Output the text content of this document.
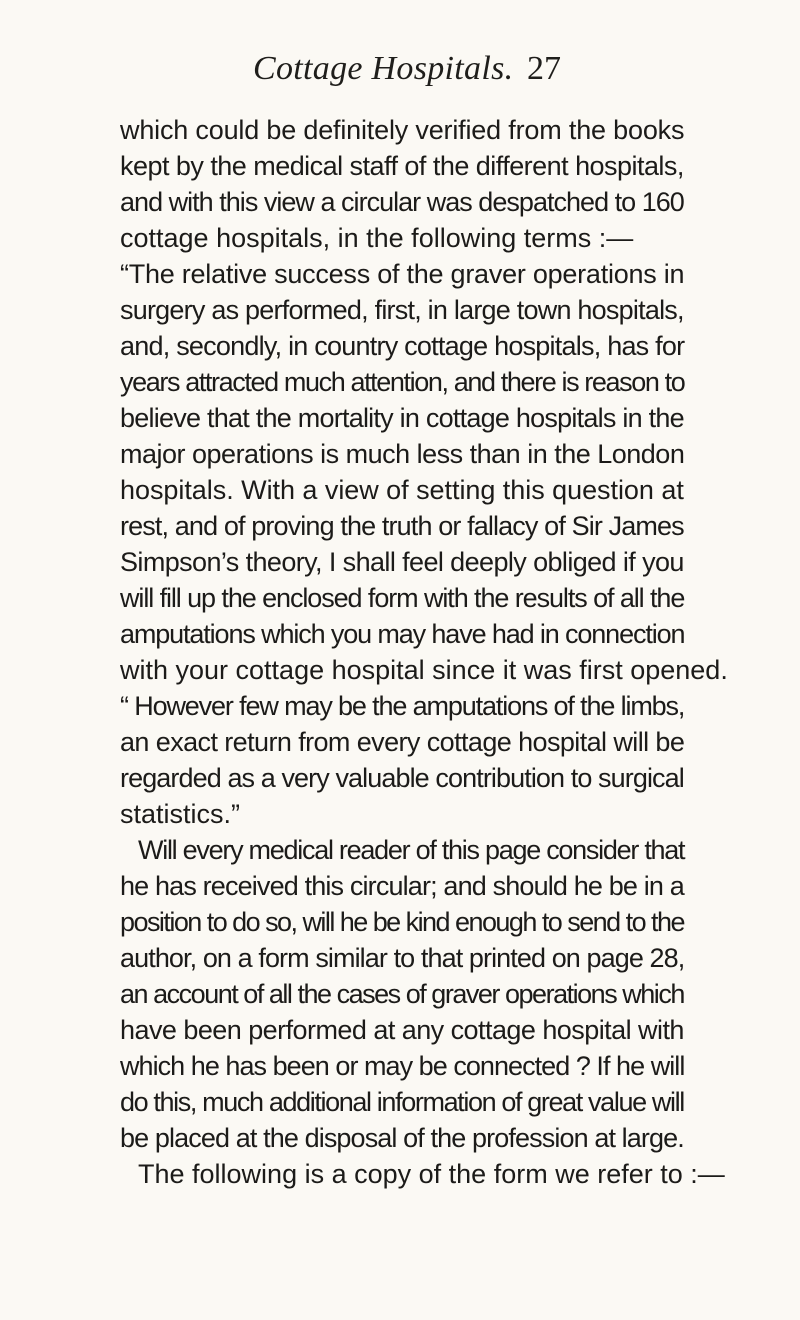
Cottage Hospitals. 27
which could be definitely verified from the books
kept by the medical staff of the different hospitals,
and with this view a circular was despatched to 160
cottage hospitals, in the following terms :—
“The relative success of the graver operations in
surgery as performed, first, in large town hospitals,
and, secondly, in country cottage hospitals, has for
years attracted much attention, and there is reason to
believe that the mortality in cottage hospitals in the
major operations is much less than in the London
hospitals. With a view of setting this question at
rest, and of proving the truth or fallacy of Sir James
Simpson’s theory, I shall feel deeply obliged if you
will fill up the enclosed form with the results of all the
amputations which you may have had in connection
with your cottage hospital since it was first opened.
“ However few may be the amputations of the limbs,
an exact return from every cottage hospital will be
regarded as a very valuable contribution to surgical
statistics.”
Will every medical reader of this page consider that
he has received this circular; and should he be in a
position to do so, will he be kind enough to send to the
author, on a form similar to that printed on page 28,
an account of all the cases of graver operations which
have been performed at any cottage hospital with
which he has been or may be connected ? If he will
do this, much additional information of great value will
be placed at the disposal of the profession at large.
The following is a copy of the form we refer to :—
